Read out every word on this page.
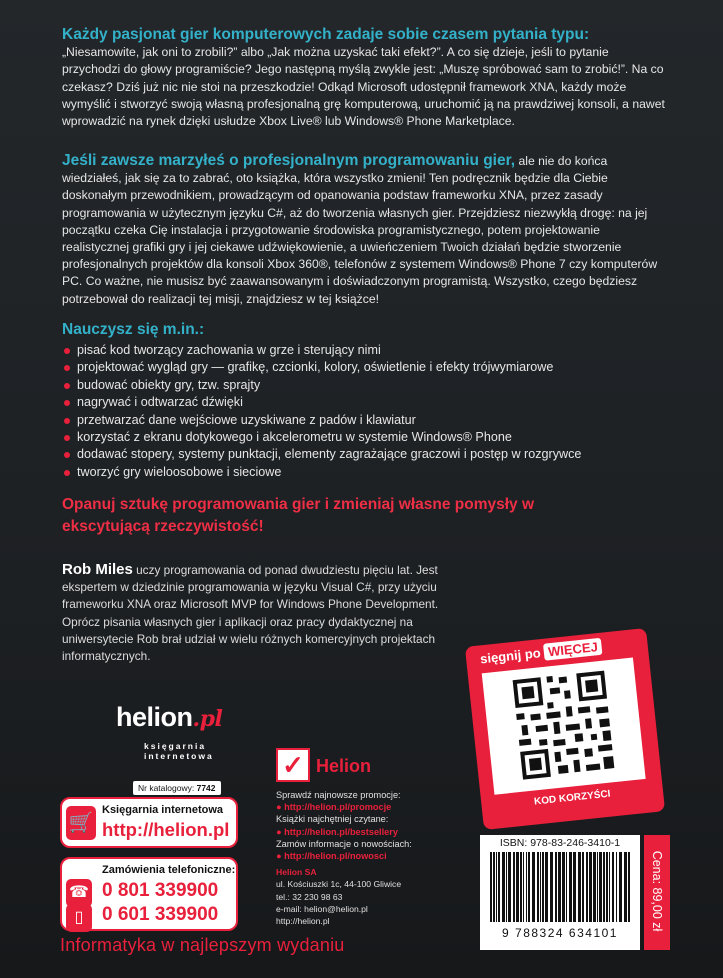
Każdy pasjonat gier komputerowych zadaje sobie czasem pytania typu: „Niesamowite, jak oni to zrobili?” albo „Jak można uzyskać taki efekt?”. A co się dzieje, jeśli to pytanie przychodzi do głowy programiście? Jego następną myślą zwykle jest: „Muszę spróbować sam to zrobić!”. Na co czekasz? Dziś już nic nie stoi na przeszkodzie! Odkąd Microsoft udostępnił framework XNA, każdy może wymyślić i stworzyć swoją własną profesjonalną grę komputerową, uruchomić ją na prawdziwej konsoli, a nawet wprowadzić na rynek dzięki usłudze Xbox Live® lub Windows® Phone Marketplace.
Jeśli zawsze marzyłeś o profesjonalnym programowaniu gier, ale nie do końca wiedziałeś, jak się za to zabrać, oto książka, która wszystko zmieni! Ten podręcznik będzie dla Ciebie doskonałym przewodnikiem, prowadzącym od opanowania podstaw frameworku XNA, przez zasady programowania w użytecznym języku C#, aż do tworzenia własnych gier. Przejdziesz niezwykłą drogę: na jej początku czeka Cię instalacja i przygotowanie środowiska programistycznego, potem projektowanie realistycznej grafiki gry i jej ciekawe udźwiękowienie, a uwieńczeniem Twoich działań będzie stworzenie profesjonalnych projektów dla konsoli Xbox 360®, telefonów z systemem Windows® Phone 7 czy komputerów PC. Co ważne, nie musisz być zaawansowanym i doświadczonym programistą. Wszystko, czego będziesz potrzebował do realizacji tej misji, znajdziesz w tej książce!
Nauczysz się m.in.:
pisać kod tworzący zachowania w grze i sterujący nimi
projektować wygląd gry — grafikę, czcionki, kolory, oświetlenie i efekty trójwymiarowe
budować obiekty gry, tzw. sprajty
nagrywać i odtwarzać dźwięki
przetwarzać dane wejściowe uzyskiwane z padów i klawiatur
korzystać z ekranu dotykowego i akcelerometru w systemie Windows® Phone
dodawać stopery, systemy punktacji, elementy zagrażające graczowi i postęp w rozgrywce
tworzyć gry wieloosobowe i sieciowe
Opanuj sztukę programowania gier i zmieniaj własne pomysły w ekscytującą rzeczywistość!
Rob Miles uczy programowania od ponad dwudziestu pięciu lat. Jest ekspertem w dziedzinie programowania w języku Visual C#, przy użyciu frameworku XNA oraz Microsoft MVP for Windows Phone Development. Oprócz pisania własnych gier i aplikacji oraz pracy dydaktycznej na uniwersytecie Rob brał udział w wielu różnych komercyjnych projektach informatycznych.	sięgnij po WIĘCEJ
KOD KORZYŚCI
helion.pl
księgarnia
internetowa
Nr katalogowy: 7742
🛒
Księgarnia internetowa
http://helion.pl
Zamówienia telefoniczne:
☎ 0 801 339900
▯ 0 601 339900
Informatyka w najlepszym wydaniu
✓ Helion
Sprawdź najnowsze promocje:
● http://helion.pl/promocje
Książki najchętniej czytane:
● http://helion.pl/bestsellery
Zamów informacje o nowościach:
● http://helion.pl/nowosci
Helion SA
ul. Kościuszki 1c, 44-100 Gliwice
tel.: 32 230 98 63
e-mail: helion@helion.pl
http://helion.pl
ISBN: 978-83-246-3410-1
9 788324 634101
Cena: 89,00 zł
